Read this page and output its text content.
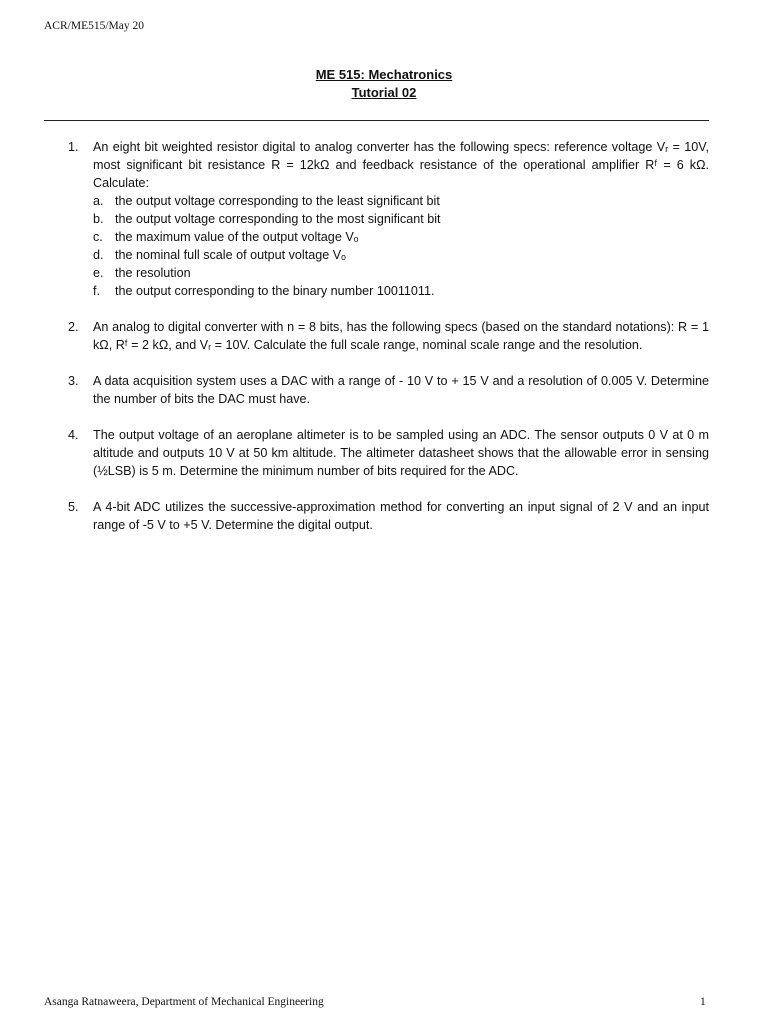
ACR/ME515/May 20
ME 515: Mechatronics
Tutorial 02
1.	An eight bit weighted resistor digital to analog converter has the following specs: reference voltage Vᵣ = 10V, most significant bit resistance R = 12kΩ and feedback resistance of the operational amplifier Rᶠ = 6 kΩ. Calculate:
a. the output voltage corresponding to the least significant bit
b. the output voltage corresponding to the most significant bit
c. the maximum value of the output voltage Vₒ
d. the nominal full scale of output voltage Vₒ
e. the resolution
f.	the output corresponding to the binary number 10011011.
2.	An analog to digital converter with n = 8 bits, has the following specs (based on the standard notations): R = 1 kΩ, Rᶠ = 2 kΩ, and Vᵣ = 10V. Calculate the full scale range, nominal scale range and the resolution.
3.	A data acquisition system uses a DAC with a range of - 10 V to + 15 V and a resolution of 0.005 V. Determine the number of bits the DAC must have.
4.	The output voltage of an aeroplane altimeter is to be sampled using an ADC. The sensor outputs 0 V at 0 m altitude and outputs 10 V at 50 km altitude. The altimeter datasheet shows that the allowable error in sensing (½LSB) is 5 m. Determine the minimum number of bits required for the ADC.
5.	A 4-bit ADC utilizes the successive-approximation method for converting an input signal of 2 V and an input range of -5 V to +5 V. Determine the digital output.
Asanga Ratnaweera, Department of Mechanical Engineering	1
